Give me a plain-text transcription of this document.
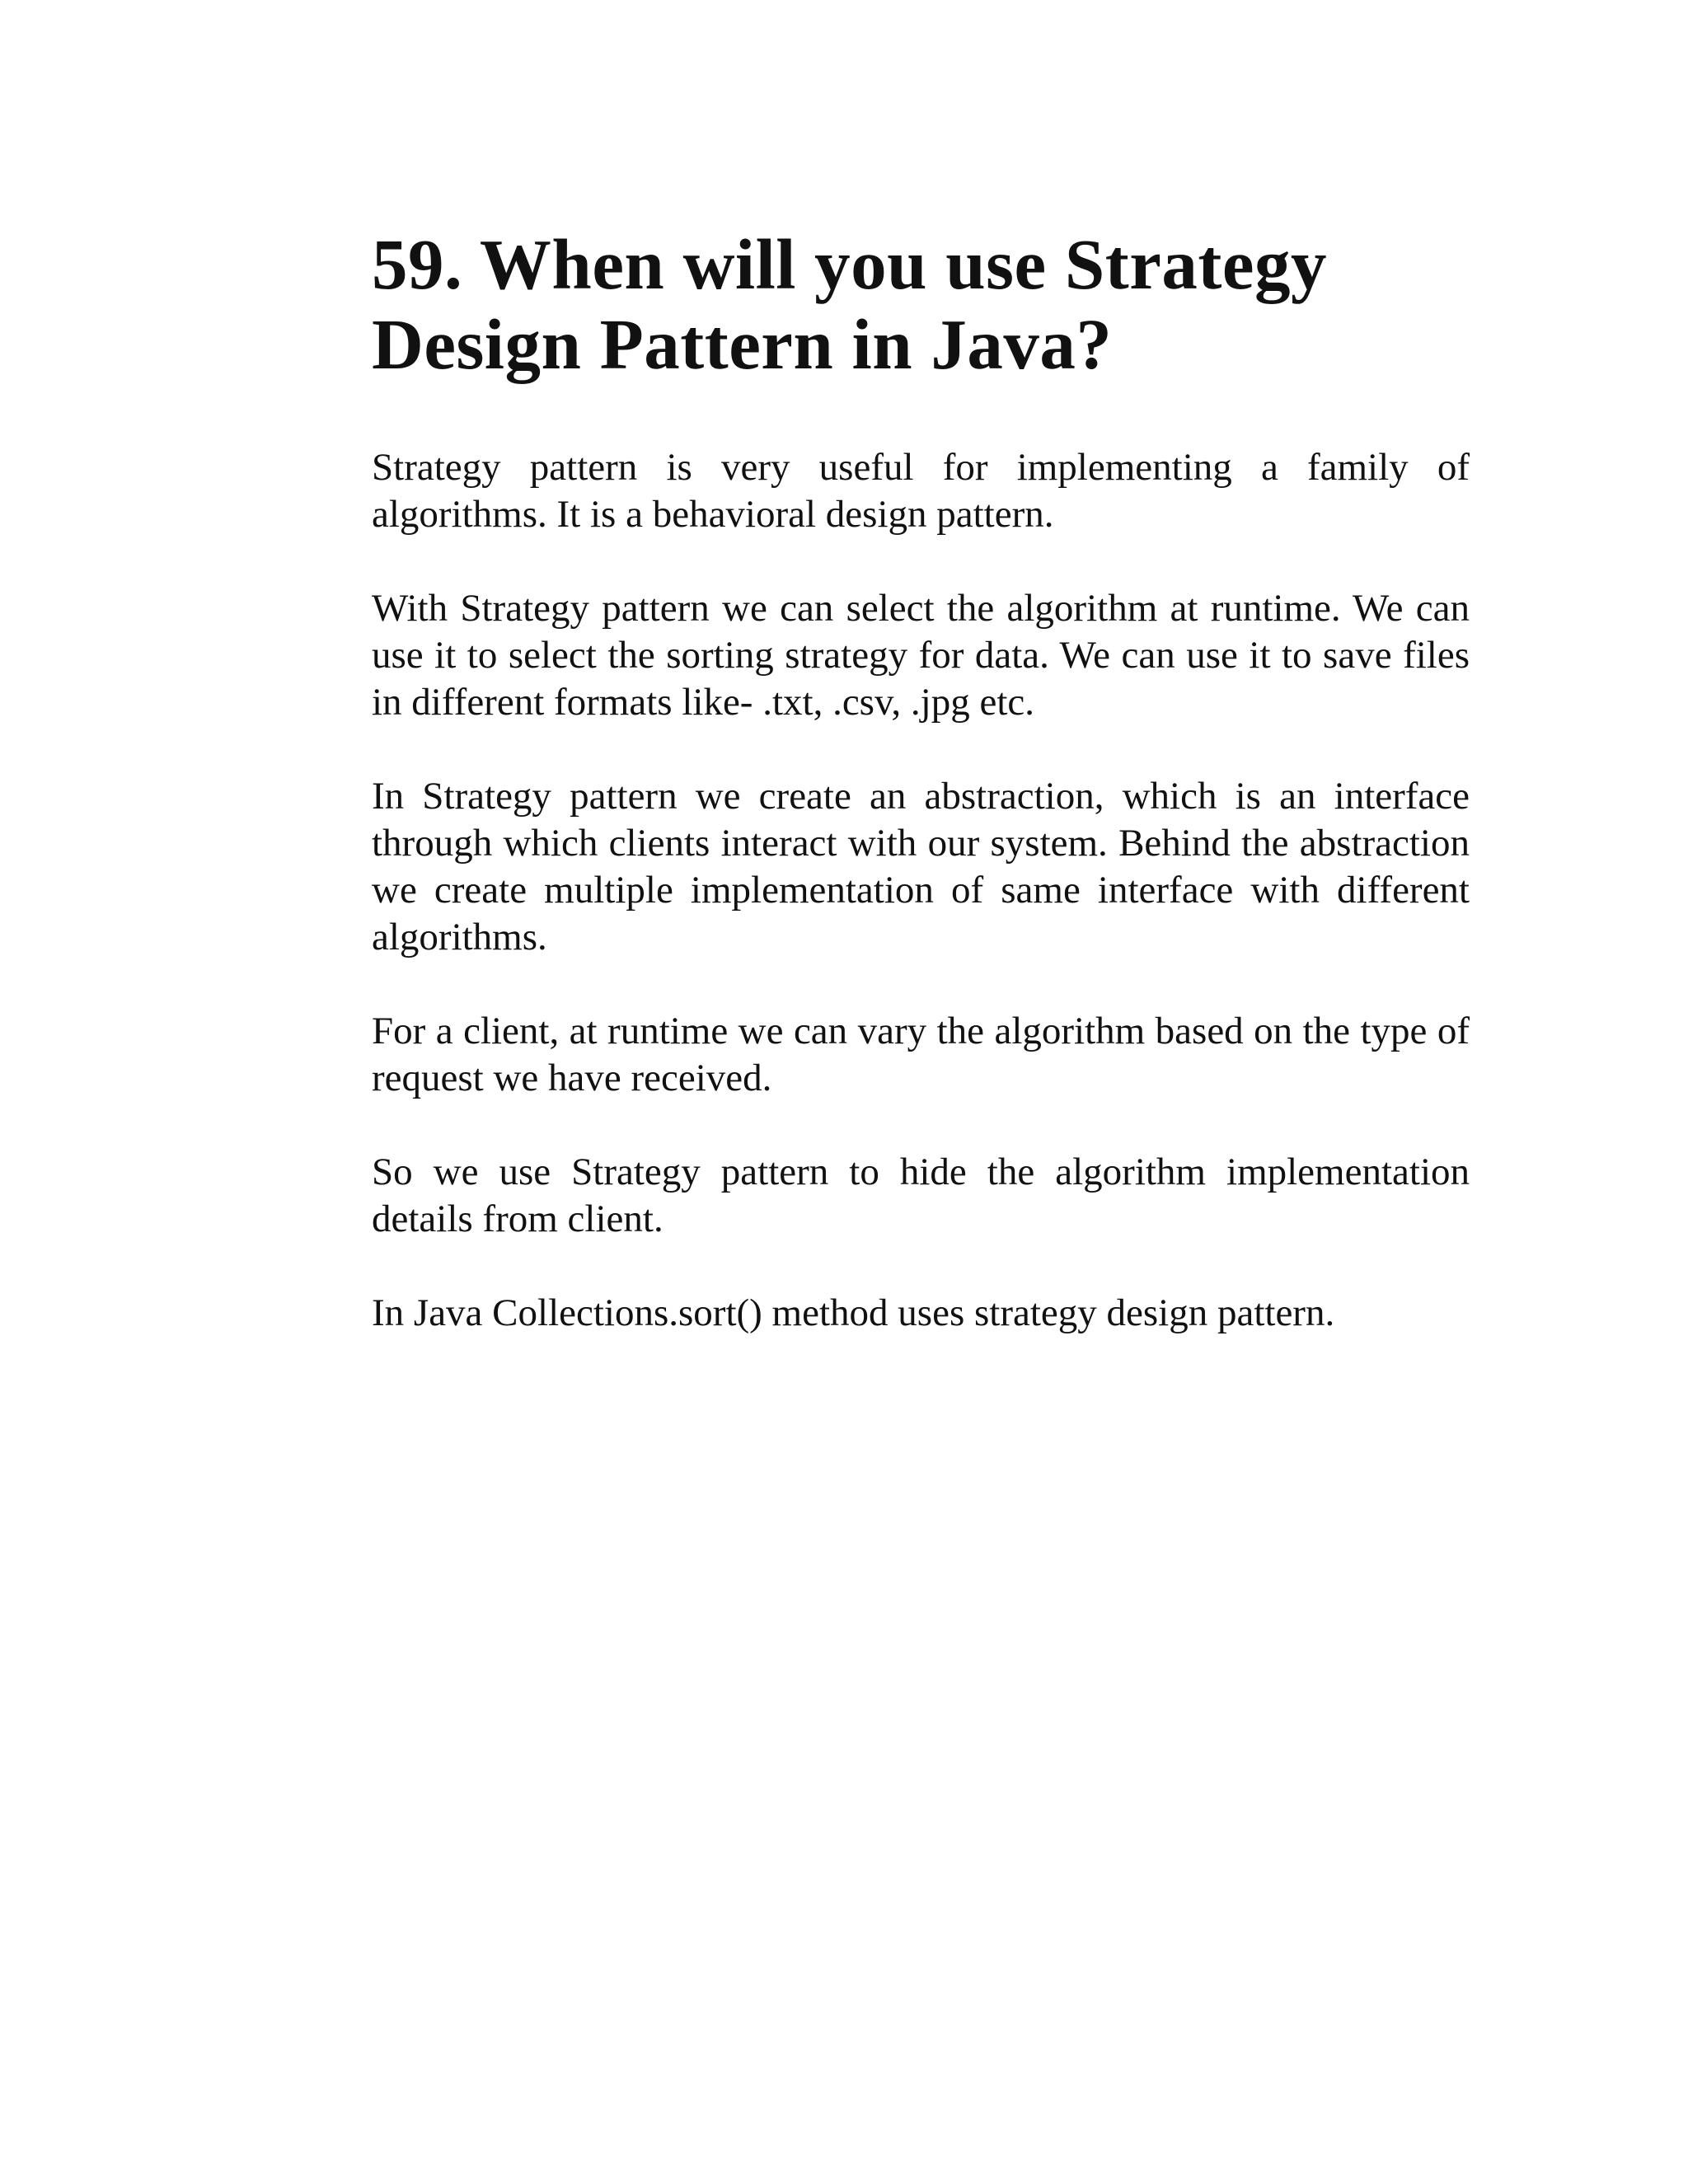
59. When will you use Strategy Design Pattern in Java?

Strategy pattern is very useful for implementing a family of algorithms. It is a behavioral design pattern.

With Strategy pattern we can select the algorithm at runtime. We can use it to select the sorting strategy for data. We can use it to save files in different formats like- .txt, .csv, .jpg etc.

In Strategy pattern we create an abstraction, which is an interface through which clients interact with our system. Behind the abstraction we create multiple implementation of same interface with different algorithms.

For a client, at runtime we can vary the algorithm based on the type of request we have received.

So we use Strategy pattern to hide the algorithm implementation details from client.

In Java Collections.sort() method uses strategy design pattern.
